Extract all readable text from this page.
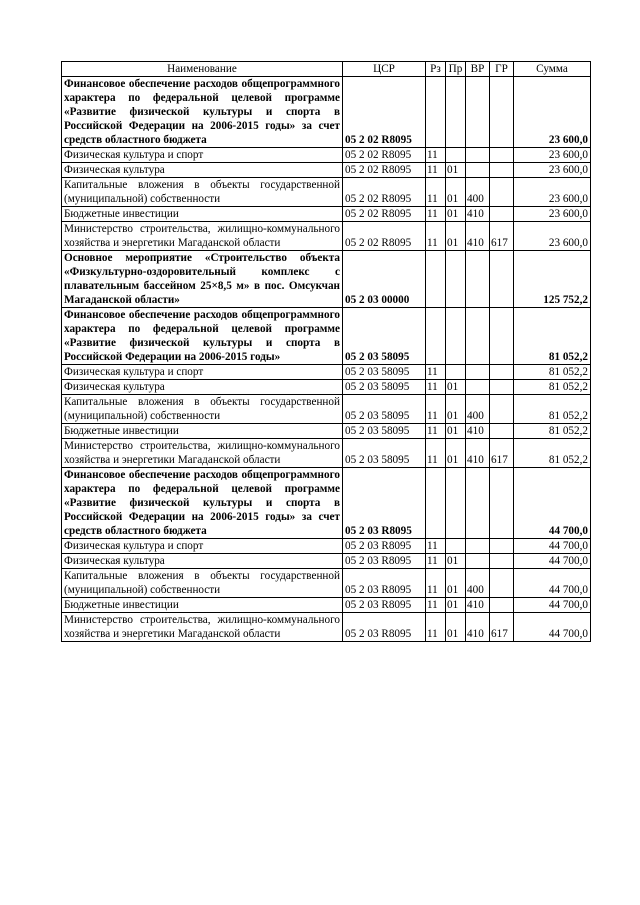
Наименование	ЦСР	Рз	Пр	ВР	ГР	Сумма
Финансовое обеспечение расходов общепрограммного характера по федеральной целевой программе «Развитие физической культуры и спорта в Российской Федерации на 2006-2015 годы» за счет средств областного бюджета	05 2 02 R8095					23 600,0
Физическая культура и спорт	05 2 02 R8095	11				23 600,0
Физическая культура	05 2 02 R8095	11	01			23 600,0
Капитальные вложения в объекты государственной (муниципальной) собственности	05 2 02 R8095	11	01	400		23 600,0
Бюджетные инвестиции	05 2 02 R8095	11	01	410		23 600,0
Министерство строительства, жилищно-коммунального хозяйства и энергетики Магаданской области	05 2 02 R8095	11	01	410	617	23 600,0
Основное мероприятие «Строительство объекта «Физкультурно-оздоровительный комплекс с плавательным бассейном 25×8,5 м» в пос. Омсукчан Магаданской области»	05 2 03 00000					125 752,2
Финансовое обеспечение расходов общепрограммного характера по федеральной целевой программе «Развитие физической культуры и спорта в Российской Федерации на 2006-2015 годы»	05 2 03 58095					81 052,2
Физическая культура и спорт	05 2 03 58095	11				81 052,2
Физическая культура	05 2 03 58095	11	01			81 052,2
Капитальные вложения в объекты государственной (муниципальной) собственности	05 2 03 58095	11	01	400		81 052,2
Бюджетные инвестиции	05 2 03 58095	11	01	410		81 052,2
Министерство строительства, жилищно-коммунального хозяйства и энергетики Магаданской области	05 2 03 58095	11	01	410	617	81 052,2
Финансовое обеспечение расходов общепрограммного характера по федеральной целевой программе «Развитие физической культуры и спорта в Российской Федерации на 2006-2015 годы» за счет средств областного бюджета	05 2 03 R8095					44 700,0
Физическая культура и спорт	05 2 03 R8095	11				44 700,0
Физическая культура	05 2 03 R8095	11	01			44 700,0
Капитальные вложения в объекты государственной (муниципальной) собственности	05 2 03 R8095	11	01	400		44 700,0
Бюджетные инвестиции	05 2 03 R8095	11	01	410		44 700,0
Министерство строительства, жилищно-коммунального хозяйства и энергетики Магаданской области	05 2 03 R8095	11	01	410	617	44 700,0
